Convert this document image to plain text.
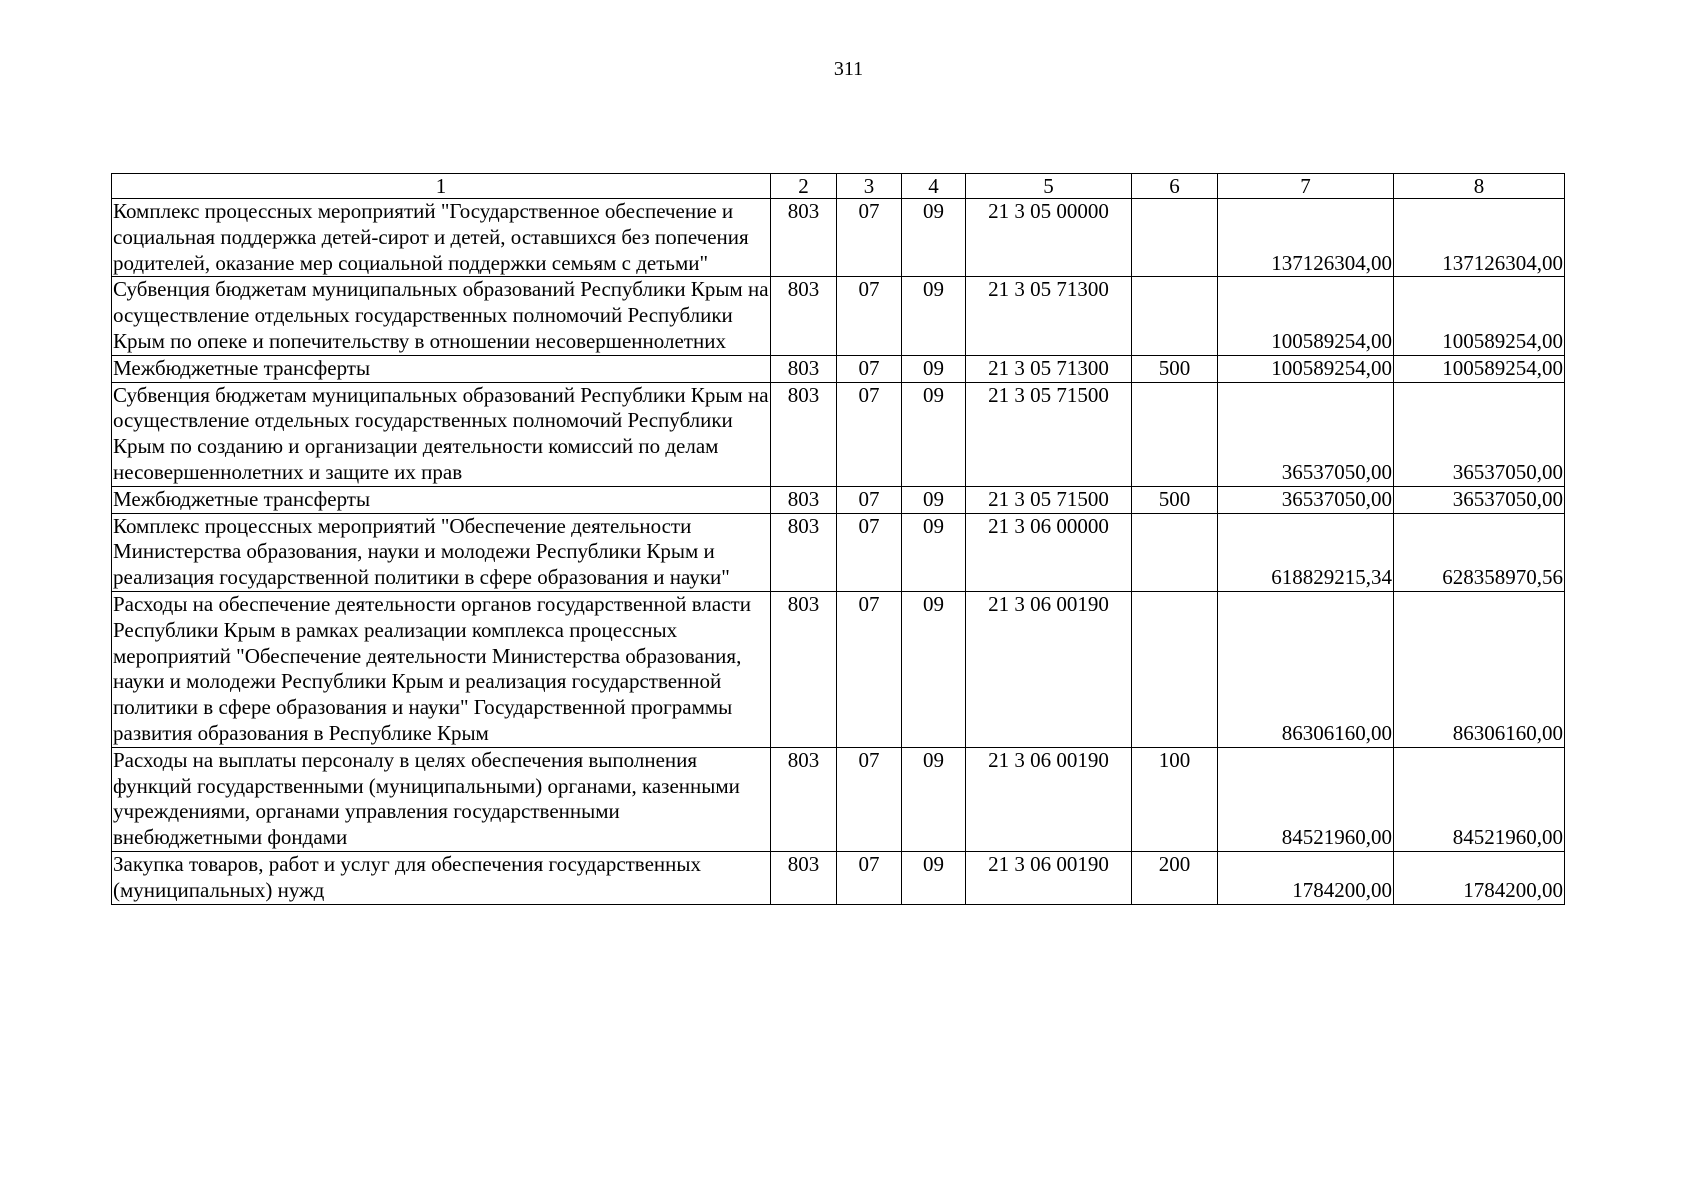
311
1	2	3	4	5	6	7	8
Комплекс процессных мероприятий "Государственное обеспечение и социальная поддержка детей-сирот и детей, оставшихся без попечения родителей, оказание мер социальной поддержки семьям с детьми"	803	07	09	21 3 05 00000		137126304,00	137126304,00
Субвенция бюджетам муниципальных образований Республики Крым на осуществление отдельных государственных полномочий Республики Крым по опеке и попечительству в отношении несовершеннолетних	803	07	09	21 3 05 71300		100589254,00	100589254,00
Межбюджетные трансферты	803	07	09	21 3 05 71300	500	100589254,00	100589254,00
Субвенция бюджетам муниципальных образований Республики Крым на осуществление отдельных государственных полномочий Республики Крым по созданию и организации деятельности комиссий по делам несовершеннолетних и защите их прав	803	07	09	21 3 05 71500		36537050,00	36537050,00
Межбюджетные трансферты	803	07	09	21 3 05 71500	500	36537050,00	36537050,00
Комплекс процессных мероприятий "Обеспечение деятельности Министерства образования, науки и молодежи Республики Крым и реализация государственной политики в сфере образования и науки"	803	07	09	21 3 06 00000		618829215,34	628358970,56
Расходы на обеспечение деятельности органов государственной власти Республики Крым в рамках реализации комплекса процессных мероприятий "Обеспечение деятельности Министерства образования, науки и молодежи Республики Крым и реализация государственной политики в сфере образования и науки" Государственной программы развития образования в Республике Крым	803	07	09	21 3 06 00190		86306160,00	86306160,00
Расходы на выплаты персоналу в целях обеспечения выполнения функций государственными (муниципальными) органами, казенными учреждениями, органами управления государственными внебюджетными фондами	803	07	09	21 3 06 00190	100	84521960,00	84521960,00
Закупка товаров, работ и услуг для обеспечения государственных (муниципальных) нужд	803	07	09	21 3 06 00190	200	1784200,00	1784200,00
